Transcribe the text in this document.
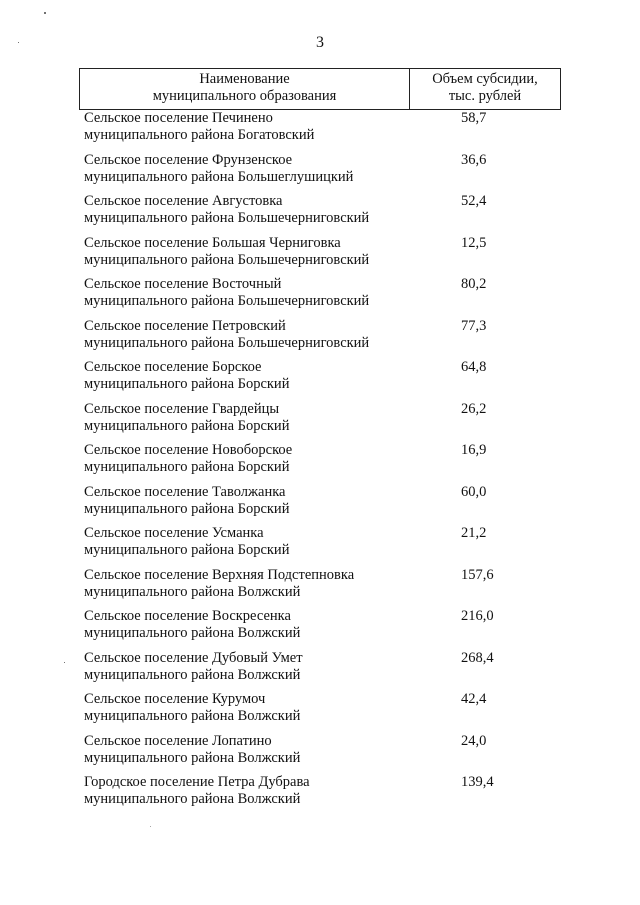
3
Наименование
муниципального образования
Объем субсидии,
тыс. рублей
Сельское поселение Печинено
муниципального района Богатовский
58,7
Сельское поселение Фрунзенское
муниципального района Большеглушицкий
36,6
Сельское поселение Августовка
муниципального района Большечерниговский
52,4
Сельское поселение Большая Черниговка
муниципального района Большечерниговский
12,5
Сельское поселение Восточный
муниципального района Большечерниговский
80,2
Сельское поселение Петровский
муниципального района Большечерниговский
77,3
Сельское поселение Борское
муниципального района Борский
64,8
Сельское поселение Гвардейцы
муниципального района Борский
26,2
Сельское поселение Новоборское
муниципального района Борский
16,9
Сельское поселение Таволжанка
муниципального района Борский
60,0
Сельское поселение Усманка
муниципального района Борский
21,2
Сельское поселение Верхняя Подстепновка
муниципального района Волжский
157,6
Сельское поселение Воскресенка
муниципального района Волжский
216,0
Сельское поселение Дубовый Умет
муниципального района Волжский
268,4
Сельское поселение Курумоч
муниципального района Волжский
42,4
Сельское поселение Лопатино
муниципального района Волжский
24,0
Городское поселение Петра Дубрава
муниципального района Волжский
139,4
